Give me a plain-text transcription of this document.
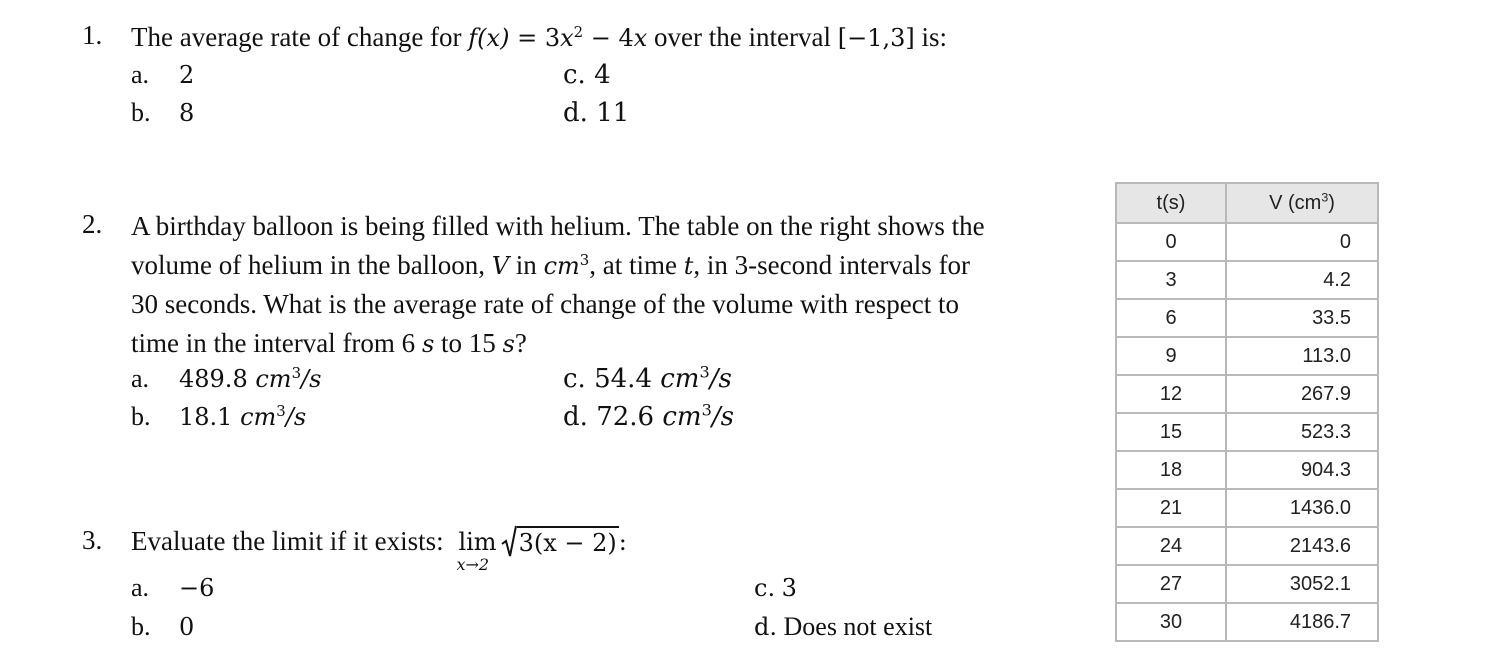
1. The average rate of change for $f(x) = 3x^2 - 4x$ over the interval [−1,3] is:
a. 2
b. 8
c. 4
d. 11
2. A birthday balloon is being filled with helium. The table on the right shows the
volume of helium in the balloon, V in $cm^3$, at time t, in 3-second intervals for
30 seconds. What is the average rate of change of the volume with respect to
time in the interval from 6 s to 15 s?
a. 489.8 $cm^3/s$
b. 18.1 $cm^3/s$
c. 54.4 $cm^3/s$
d. 72.6 $cm^3/s$
3. Evaluate the limit if it exists: lim
x→2
3(x − 2) :
a. −6
b. 0
c. 3
d. Does not exist
t(s)	V $(cm^3)$
0	0
3	4.2
6	33.5
9	113.0
12	267.9
15	523.3
18	904.3
21	1436.0
24	2143.6
27	3052.1
30	4186.7
